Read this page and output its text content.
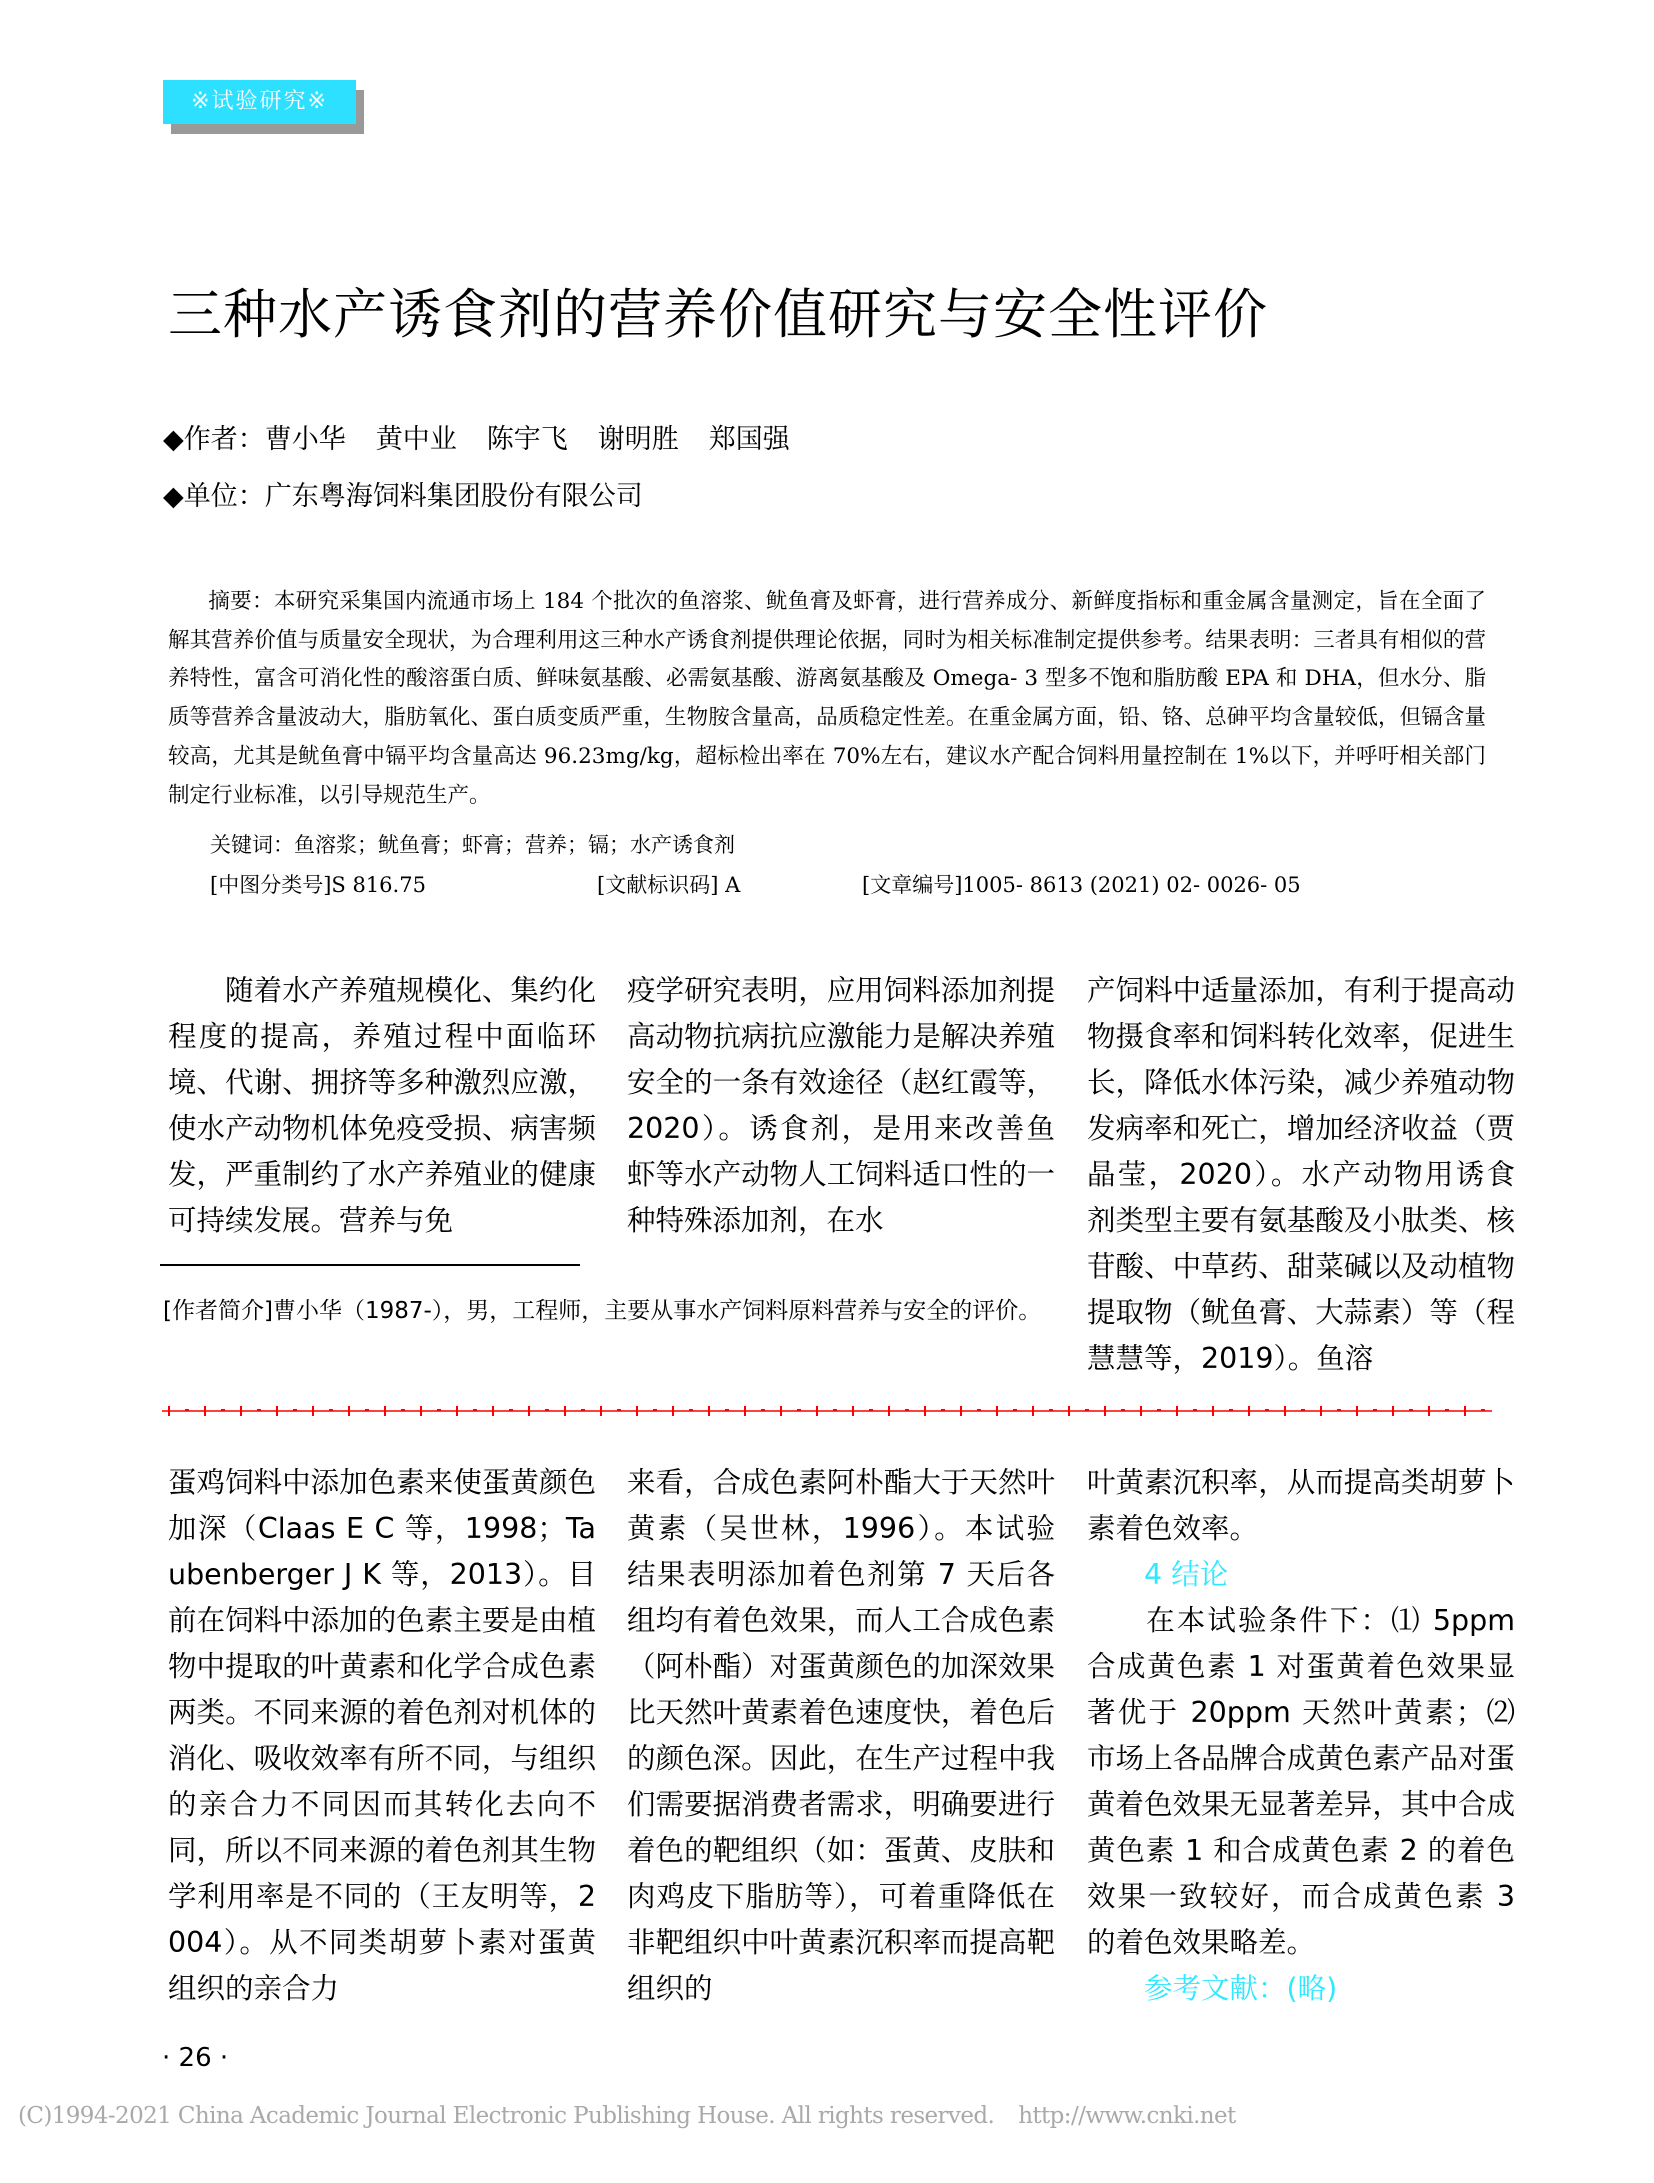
※试验研究※
三种水产诱食剂的营养价值研究与安全性评价
◆作者：曹小华 黄中业 陈宇飞 谢明胜 郑国强
◆单位：广东粤海饲料集团股份有限公司
摘要：本研究采集国内流通市场上 184 个批次的鱼溶浆、鱿鱼膏及虾膏，进行营养成分、新鲜度指标和重金属含量测定，旨在全面了解其营养价值与质量安全现状，为合理利用这三种水产诱食剂提供理论依据，同时为相关标准制定提供参考。结果表明：三者具有相似的营养特性，富含可消化性的酸溶蛋白质、鲜味氨基酸、必需氨基酸、游离氨基酸及 Omega- 3 型多不饱和脂肪酸 EPA 和 DHA，但水分、脂质等营养含量波动大，脂肪氧化、蛋白质变质严重，生物胺含量高，品质稳定性差。在重金属方面，铅、铬、总砷平均含量较低，但镉含量较高，尤其是鱿鱼膏中镉平均含量高达 96.23mg/kg，超标检出率在 70%左右，建议水产配合饲料用量控制在 1%以下，并呼吁相关部门制定行业标准，以引导规范生产。
关键词：鱼溶浆；鱿鱼膏；虾膏；营养；镉；水产诱食剂
[中图分类号]S 816.75	[文献标识码] A	[文章编号]1005- 8613 (2021) 02- 0026- 05
随着水产养殖规模化、集约化程度的提高，养殖过程中面临环境、代谢、拥挤等多种激烈应激，使水产动物机体免疫受损、病害频发，严重制约了水产养殖业的健康可持续发展。营养与免
疫学研究表明，应用饲料添加剂提高动物抗病抗应激能力是解决养殖安全的一条有效途径（赵红霞等，2020）。诱食剂，是用来改善鱼虾等水产动物人工饲料适口性的一种特殊添加剂，在水
产饲料中适量添加，有利于提高动物摄食率和饲料转化效率，促进生长，降低水体污染，减少养殖动物发病率和死亡，增加经济收益（贾晶莹，2020）。水产动物用诱食剂类型主要有氨基酸及小肽类、核苷酸、中草药、甜菜碱以及动植物提取物（鱿鱼膏、大蒜素）等（程慧慧等，2019）。鱼溶
[作者简介]曹小华（1987-），男，工程师，主要从事水产饲料原料营养与安全的评价。
蛋鸡饲料中添加色素来使蛋黄颜色加深（Claas E C 等，1998；Taubenberger J K 等，2013）。目前在饲料中添加的色素主要是由植物中提取的叶黄素和化学合成色素两类。不同来源的着色剂对机体的消化、吸收效率有所不同，与组织的亲合力不同因而其转化去向不同，所以不同来源的着色剂其生物学利用率是不同的（王友明等，2004）。从不同类胡萝卜素对蛋黄组织的亲合力
来看，合成色素阿朴酯大于天然叶黄素（吴世林，1996）。本试验结果表明添加着色剂第 7 天后各组均有着色效果，而人工合成色素（阿朴酯）对蛋黄颜色的加深效果比天然叶黄素着色速度快，着色后的颜色深。因此，在生产过程中我们需要据消费者需求，明确要进行着色的靶组织（如：蛋黄、皮肤和肉鸡皮下脂肪等），可着重降低在非靶组织中叶黄素沉积率而提高靶组织的
叶黄素沉积率，从而提高类胡萝卜素着色效率。
4 结论
在本试验条件下：⑴ 5ppm 合成黄色素 1 对蛋黄着色效果显著优于 20ppm 天然叶黄素；⑵ 市场上各品牌合成黄色素产品对蛋黄着色效果无显著差异，其中合成黄色素 1 和合成黄色素 2 的着色效果一致较好，而合成黄色素 3 的着色效果略差。
参考文献：(略)
· 26 ·
(C)1994-2021 China Academic Journal Electronic Publishing House. All rights reserved. http://www.cnki.net
